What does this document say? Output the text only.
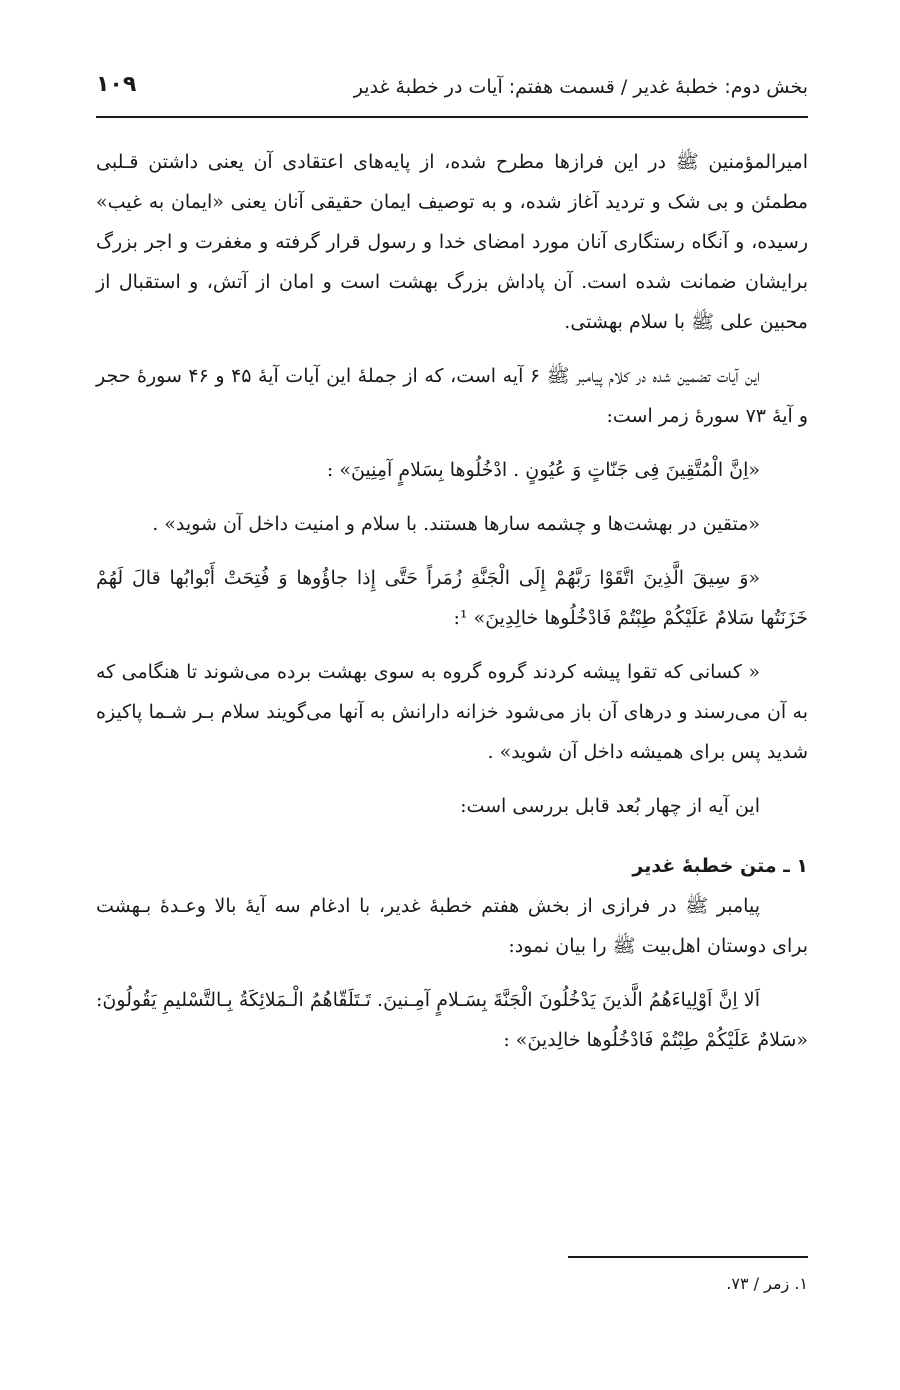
بخش دوم: خطبهٔ غدیر / قسمت هفتم: آیات در خطبهٔ غدیر
۱۰۹

امیرالمؤمنین ﷺ در این فرازها مطرح شده، از پایه‌های اعتقادی آن یعنی داشتن قـلبی مطمئن و بی شک و تردید آغاز شده، و به توصیف ایمان حقیقی آنان یعنی «ایمان به غیب» رسیده، و آنگاه رستگاری آنان مورد امضای خدا و رسول قرار گرفته و مغفرت و اجر بزرگ برایشان ضمانت شده است. آن پاداش بزرگ بهشت است و امان از آتش، و استقبال از محبین علی ﷺ با سلام بهشتی.

این آیات تضمین شده در کلام پیامبر ﷺ ۶ آیه است، که از جملهٔ این آیات آیهٔ ۴۵ و ۴۶ سورهٔ حجر و آیهٔ ۷۳ سورهٔ زمر است:

«اِنَّ الْمُتَّقِینَ فِی جَنّاتٍ وَ عُیُونٍ . ادْخُلُوها بِسَلامٍ آمِنِینَ» :

«متقین در بهشت‌ها و چشمه سارها هستند. با سلام و امنیت داخل آن شوید» .

«وَ سِیقَ الَّذِینَ اتَّقَوْا رَبَّهُمْ إِلَی الْجَنَّةِ زُمَراً حَتَّی إِذا جاؤُوها وَ فُتِحَتْ أَبْوابُها قالَ لَهُمْ خَزَنَتُها سَلامٌ عَلَیْکُمْ طِبْتُمْ فَادْخُلُوها خالِدِینَ» ¹:

« کسانی که تقوا پیشه کردند گروه گروه به سوی بهشت برده می‌شوند تا هنگامی که به آن می‌رسند و درهای آن باز می‌شود خزانه دارانش به آنها می‌گویند سلام بـر شـما پاکیزه شدید پس برای همیشه داخل آن شوید» .

این آیه از چهار بُعد قابل بررسی است:

۱ ـ متن خطبهٔ غدیر

پیامبر ﷺ در فرازی از بخش هفتم خطبهٔ غدیر، با ادغام سه آیهٔ بالا وعـدهٔ بـهشت برای دوستان اهل‌بیت ﷺ را بیان نمود:

اَلا اِنَّ اَوْلِیاءَهُمُ الَّذینَ یَدْخُلُونَ الْجَنَّةَ بِسَـلامٍ آمِـنینَ. تَـتَلَقّاهُمُ الْـمَلائِکَةُ بِـالتَّسْلیمِ یَقُولُونَ: «سَلامٌ عَلَیْکُمْ طِبْتُمْ فَادْخُلُوها خالِدینَ» :

۱. زمر / ۷۳.
